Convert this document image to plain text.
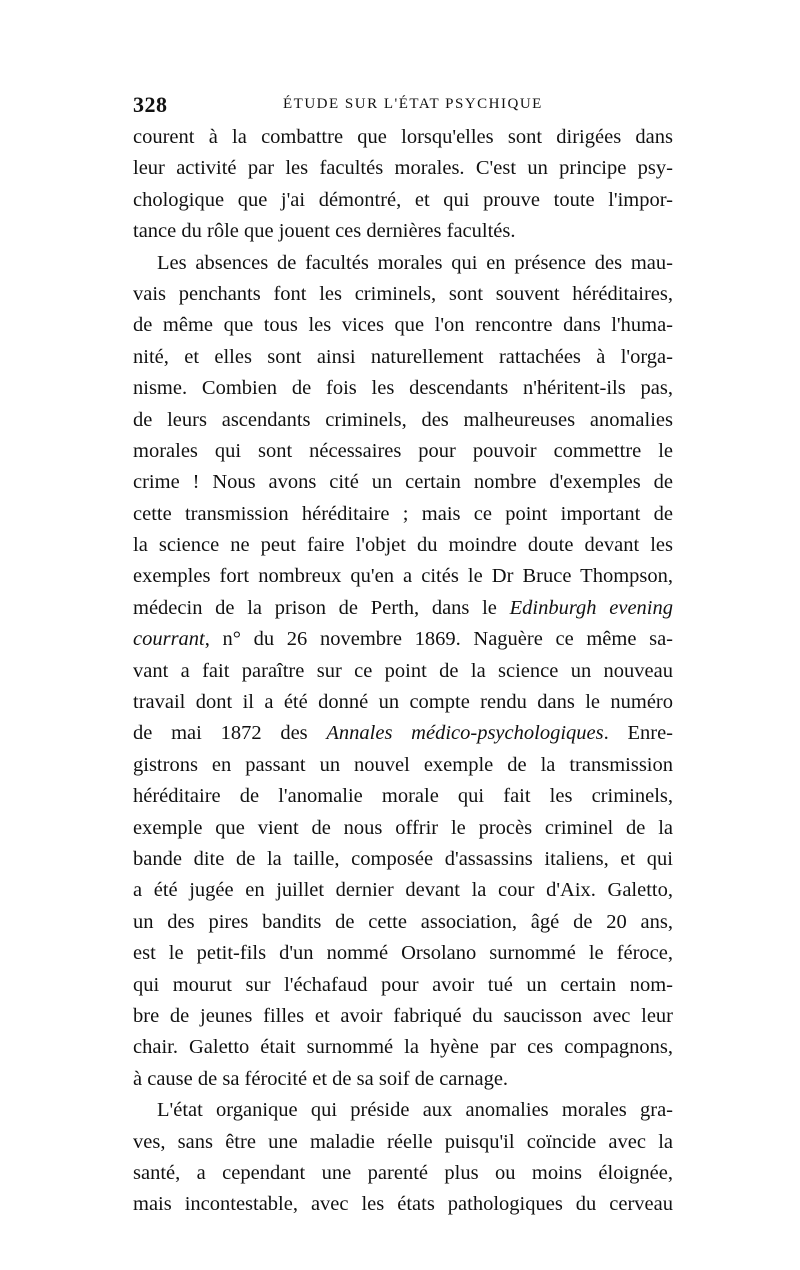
328	ÉTUDE SUR L'ÉTAT PSYCHIQUE
courent à la combattre que lorsqu'elles sont dirigées dans
leur activité par les facultés morales. C'est un principe psy-
chologique que j'ai démontré, et qui prouve toute l'impor-
tance du rôle que jouent ces dernières facultés.
Les absences de facultés morales qui en présence des mau-
vais penchants font les criminels, sont souvent héréditaires,
de même que tous les vices que l'on rencontre dans l'huma-
nité, et elles sont ainsi naturellement rattachées à l'orga-
nisme. Combien de fois les descendants n'héritent-ils pas,
de leurs ascendants criminels, des malheureuses anomalies
morales qui sont nécessaires pour pouvoir commettre le
crime ! Nous avons cité un certain nombre d'exemples de
cette transmission héréditaire ; mais ce point important de
la science ne peut faire l'objet du moindre doute devant les
exemples fort nombreux qu'en a cités le Dr Bruce Thompson,
médecin de la prison de Perth, dans le Edinburgh evening
courrant, n° du 26 novembre 1869. Naguère ce même sa-
vant a fait paraître sur ce point de la science un nouveau
travail dont il a été donné un compte rendu dans le numéro
de mai 1872 des Annales médico-psychologiques. Enre-
gistrons en passant un nouvel exemple de la transmission
héréditaire de l'anomalie morale qui fait les criminels,
exemple que vient de nous offrir le procès criminel de la
bande dite de la taille, composée d'assassins italiens, et qui
a été jugée en juillet dernier devant la cour d'Aix. Galetto,
un des pires bandits de cette association, âgé de 20 ans,
est le petit-fils d'un nommé Orsolano surnommé le féroce,
qui mourut sur l'échafaud pour avoir tué un certain nom-
bre de jeunes filles et avoir fabriqué du saucisson avec leur
chair. Galetto était surnommé la hyène par ces compagnons,
à cause de sa férocité et de sa soif de carnage.
L'état organique qui préside aux anomalies morales gra-
ves, sans être une maladie réelle puisqu'il coïncide avec la
santé, a cependant une parenté plus ou moins éloignée,
mais incontestable, avec les états pathologiques du cerveau
